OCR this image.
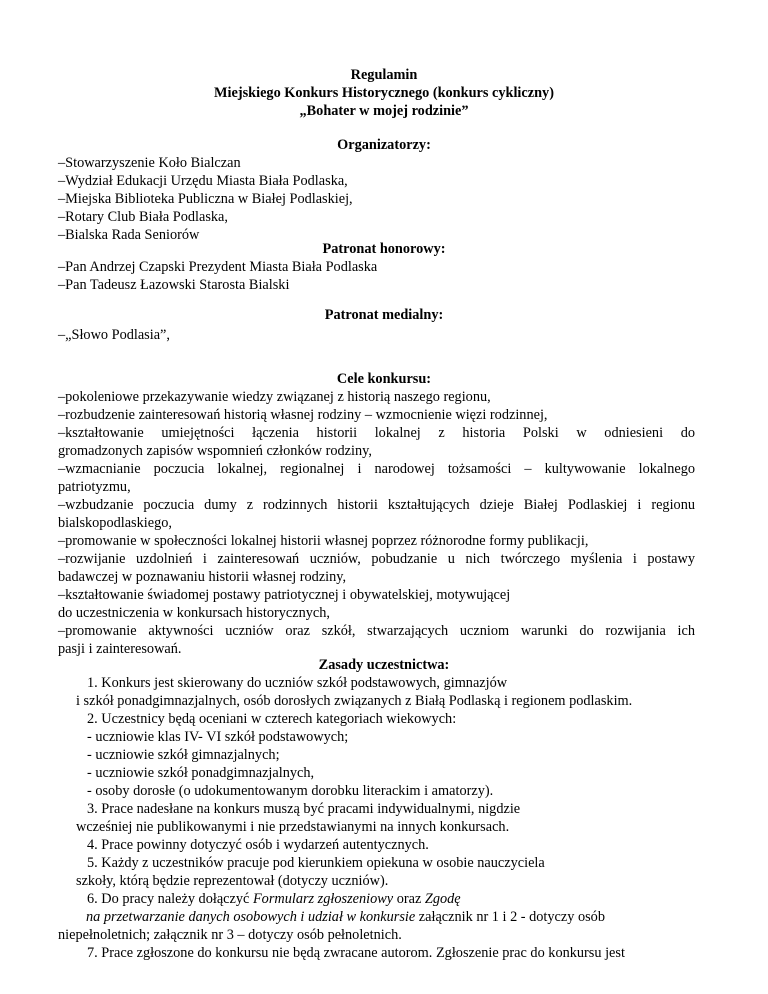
Regulamin
Miejskiego Konkurs Historycznego (konkurs cykliczny)
„Bohater w mojej rodzinie”
Organizatorzy:
–Stowarzyszenie Koło Bialczan
–Wydział Edukacji Urzędu Miasta Biała Podlaska,
–Miejska Biblioteka Publiczna w Białej Podlaskiej,
–Rotary Club Biała Podlaska,
–Bialska Rada Seniorów
Patronat honorowy:
–Pan Andrzej Czapski Prezydent Miasta Biała Podlaska
–Pan Tadeusz Łazowski Starosta Bialski
Patronat medialny:
–„Słowo Podlasia”,
Cele konkursu:
–pokoleniowe przekazywanie wiedzy związanej z historią naszego regionu,
–rozbudzenie zainteresowań historią własnej rodziny – wzmocnienie więzi rodzinnej,
–kształtowanie umiejętności łączenia historii lokalnej z historia Polski w odniesieni do
gromadzonych zapisów wspomnień członków rodziny,
–wzmacnianie poczucia lokalnej, regionalnej i narodowej tożsamości – kultywowanie lokalnego
patriotyzmu,
–wzbudzanie poczucia dumy z rodzinnych historii kształtujących dzieje Białej Podlaskiej i regionu
bialskopodlaskiego,
–promowanie w społeczności lokalnej historii własnej poprzez różnorodne formy publikacji,
–rozwijanie uzdolnień i zainteresowań uczniów, pobudzanie u nich twórczego myślenia i postawy
badawczej w poznawaniu historii własnej rodziny,
–kształtowanie świadomej postawy patriotycznej i obywatelskiej, motywującej
do uczestniczenia w konkursach historycznych,
–promowanie aktywności uczniów oraz szkół, stwarzających uczniom warunki do rozwijania ich
pasji i zainteresowań.
Zasady uczestnictwa:
1. Konkurs jest skierowany do uczniów szkół podstawowych, gimnazjów
i szkół ponadgimnazjalnych, osób dorosłych związanych z Białą Podlaską i regionem podlaskim.
2. Uczestnicy będą oceniani w czterech kategoriach wiekowych:
- uczniowie klas IV- VI szkół podstawowych;
- uczniowie szkół gimnazjalnych;
- uczniowie szkół ponadgimnazjalnych,
- osoby dorosłe (o udokumentowanym dorobku literackim i amatorzy).
3. Prace nadesłane na konkurs muszą być pracami indywidualnymi, nigdzie
wcześniej nie publikowanymi i nie przedstawianymi na innych konkursach.
4. Prace powinny dotyczyć osób i wydarzeń autentycznych.
5. Każdy z uczestników pracuje pod kierunkiem opiekuna w osobie nauczyciela
szkoły, którą będzie reprezentował (dotyczy uczniów).
6. Do pracy należy dołączyć Formularz zgłoszeniowy oraz Zgodę
na przetwarzanie danych osobowych i udział w konkursie załącznik nr 1 i 2 - dotyczy osób
niepełnoletnich; załącznik nr 3 – dotyczy osób pełnoletnich.
7. Prace zgłoszone do konkursu nie będą zwracane autorom. Zgłoszenie prac do konkursu jest
